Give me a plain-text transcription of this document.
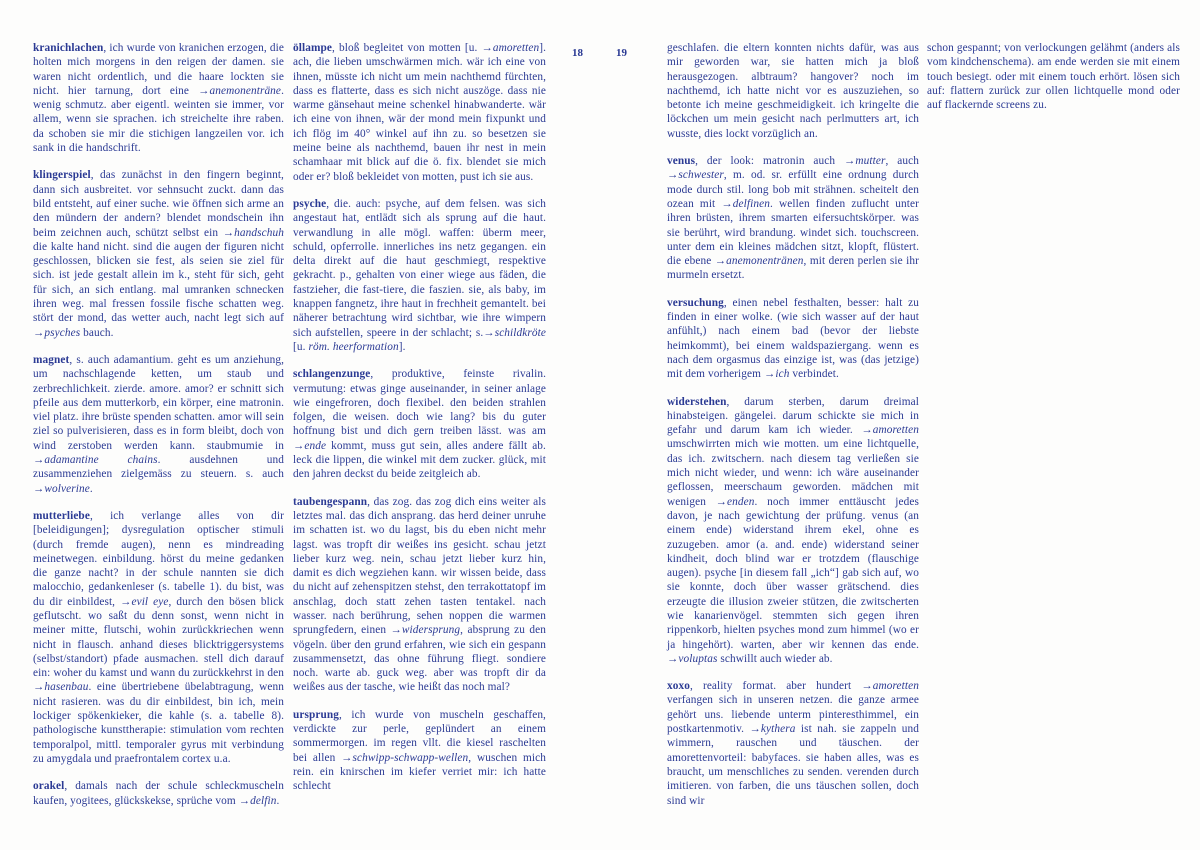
18	19

kranichlachen, ich wurde von kranichen erzogen, die holten mich morgens in den reigen der damen. sie waren nicht ordentlich, und die haare lockten sie nicht. hier tarnung, dort eine →anemonenträne. wenig schmutz. aber eigentl. weinten sie immer, vor allem, wenn sie sprachen. ich streichelte ihre raben. da schoben sie mir die stichigen langzeilen vor. ich sank in die handschrift.

klingerspiel, das zunächst in den fingern beginnt, dann sich ausbreitet. vor sehnsucht zuckt. dann das bild entsteht, auf einer suche. wie öffnen sich arme an den mündern der andern? blendet mondschein ihn beim zeichnen auch, schützt selbst ein →handschuh die kalte hand nicht. sind die augen der figuren nicht geschlossen, blicken sie fest, als seien sie ziel für sich. ist jede gestalt allein im k., steht für sich, geht für sich, an sich entlang. mal umranken schnecken ihren weg. mal fressen fossile fische schatten weg. stört der mond, das wetter auch, nacht legt sich auf →psyches bauch.

magnet, s. auch adamantium. geht es um anziehung, um nachschlagende ketten, um staub und zerbrechlichkeit. zierde. amore. amor? er schnitt sich pfeile aus dem mutterkorb, ein körper, eine matronin. viel platz. ihre brüste spenden schatten. amor will sein ziel so pulverisieren, dass es in form bleibt, doch von wind zerstoben werden kann. staubmumie in →adamantine chains. ausdehnen und zusammenziehen zielgemäss zu steuern. s. auch →wolverine.

mutterliebe, ich verlange alles von dir [beleidigungen]; dysregulation optischer stimuli (durch fremde augen), nenn es mindreading meinetwegen. einbildung. hörst du meine gedanken die ganze nacht? in der schule nannten sie dich malocchio, gedankenleser (s. tabelle 1). du bist, was du dir einbildest, →evil eye, durch den bösen blick geflutscht. wo saßt du denn sonst, wenn nicht in meiner mitte, flutschi, wohin zurückkriechen wenn nicht in flausch. anhand dieses blicktriggersystems (selbst/standort) pfade ausmachen. stell dich darauf ein: woher du kamst und wann du zurückkehrst in den →hasenbau. eine übertriebene übelabtragung, wenn nicht rasieren. was du dir einbildest, bin ich, mein lockiger spökenkieker, die kahle (s. a. tabelle 8). pathologische kunsttherapie: stimulation vom rechten temporalpol, mittl. temporaler gyrus mit verbindung zu amygdala und praefrontalem cortex u.a.

orakel, damals nach der schule schleckmuscheln kaufen, yogitees, glückskekse, sprüche vom →delfin.

öllampe, bloß begleitet von motten [u. →amoretten]. ach, die lieben umschwärmen mich. wär ich eine von ihnen, müsste ich nicht um mein nachthemd fürchten, dass es flatterte, dass es sich nicht auszöge. dass nie warme gänsehaut meine schenkel hinabwanderte. wär ich eine von ihnen, wär der mond mein fixpunkt und ich flög im 40° winkel auf ihn zu. so besetzen sie meine beine als nachthemd, bauen ihr nest in mein schamhaar mit blick auf die ö. fix. blendet sie mich oder er? bloß bekleidet von motten, pust ich sie aus.

psyche, die. auch: psyche, auf dem felsen. was sich angestaut hat, entlädt sich als sprung auf die haut. verwandlung in alle mögl. waffen: überm meer, schuld, opferrolle. innerliches ins netz gegangen. ein delta direkt auf die haut geschmiegt, respektive gekracht. p., gehalten von einer wiege aus fäden, die fastzieher, die fast-tiere, die faszien. sie, als baby, im knappen fangnetz, ihre haut in frechheit gemantelt. bei näherer betrachtung wird sichtbar, wie ihre wimpern sich aufstellen, speere in der schlacht; s.→schildkröte [u. röm. heerformation].

schlangenzunge, produktive, feinste rivalin. vermutung: etwas ginge auseinander, in seiner anlage wie eingefroren, doch flexibel. den beiden strahlen folgen, die weisen. doch wie lang? bis du guter hoffnung bist und dich gern treiben lässt. was am →ende kommt, muss gut sein, alles andere fällt ab. leck die lippen, die winkel mit dem zucker. glück, mit den jahren deckst du beide zeitgleich ab.

taubengespann, das zog. das zog dich eins weiter als letztes mal. das dich ansprang. das herd deiner unruhe im schatten ist. wo du lagst, bis du eben nicht mehr lagst. was tropft dir weißes ins gesicht. schau jetzt lieber kurz weg. nein, schau jetzt lieber kurz hin, damit es dich wegziehen kann. wir wissen beide, dass du nicht auf zehenspitzen stehst, den terrakottatopf im anschlag, doch statt zehen tasten tentakel. nach wasser. nach berührung, sehen noppen die warmen sprungfedern, einen →widersprung, absprung zu den vögeln. über den grund erfahren, wie sich ein gespann zusammensetzt, das ohne führung fliegt. sondiere noch. warte ab. guck weg. aber was tropft dir da weißes aus der tasche, wie heißt das noch mal?

ursprung, ich wurde von muscheln geschaffen, verdickte zur perle, geplündert an einem sommermorgen. im regen vllt. die kiesel raschelten bei allen →schwipp-schwapp-wellen, wuschen mich rein. ein knirschen im kiefer verriet mir: ich hatte schlecht

geschlafen. die eltern konnten nichts dafür, was aus mir geworden war, sie hatten mich ja bloß herausgezogen. albtraum? hangover? noch im nachthemd, ich hatte nicht vor es auszuziehen, so betonte ich meine geschmeidigkeit. ich kringelte die löckchen um mein gesicht nach perlmutters art, ich wusste, dies lockt vorzüglich an.

venus, der look: matronin auch →mutter, auch →schwester, m. od. sr. erfüllt eine ordnung durch mode durch stil. long bob mit strähnen. scheitelt den ozean mit →delfinen. wellen finden zuflucht unter ihren brüsten, ihrem smarten eifersuchtskörper. was sie berührt, wird brandung. windet sich. touchscreen. unter dem ein kleines mädchen sitzt, klopft, flüstert. die ebene →anemonentränen, mit deren perlen sie ihr murmeln ersetzt.

versuchung, einen nebel festhalten, besser: halt zu finden in einer wolke. (wie sich wasser auf der haut anfühlt,) nach einem bad (bevor der liebste heimkommt), bei einem waldspaziergang. wenn es nach dem orgasmus das einzige ist, was (das jetzige) mit dem vorherigem →ich verbindet.

widerstehen, darum sterben, darum dreimal hinabsteigen. gängelei. darum schickte sie mich in gefahr und darum kam ich wieder. →amoretten umschwirrten mich wie motten. um eine lichtquelle, das ich. zwitschern. nach diesem tag verließen sie mich nicht wieder, und wenn: ich wäre auseinander geflossen, meerschaum geworden. mädchen mit wenigen →enden. noch immer enttäuscht jedes davon, je nach gewichtung der prüfung. venus (an einem ende) widerstand ihrem ekel, ohne es zuzugeben. amor (a. and. ende) widerstand seiner kindheit, doch blind war er trotzdem (flauschige augen). psyche [in diesem fall „ich“] gab sich auf, wo sie konnte, doch über wasser grätschend. dies erzeugte die illusion zweier stützen, die zwitscherten wie kanarienvögel. stemmten sich gegen ihren rippenkorb, hielten psyches mond zum himmel (wo er ja hingehört). warten, aber wir kennen das ende. →voluptas schwillt auch wieder ab.

xoxo, reality format. aber hundert →amoretten verfangen sich in unseren netzen. die ganze armee gehört uns. liebende unterm pinteresthimmel, ein postkartenmotiv. →kythera ist nah. sie zappeln und wimmern, rauschen und täuschen. der amorettenvorteil: babyfaces. sie haben alles, was es braucht, um menschliches zu senden. verenden durch imitieren. von farben, die uns täuschen sollen, doch sind wir

schon gespannt; von verlockungen gelähmt (anders als vom kindchenschema). am ende werden sie mit einem touch besiegt. oder mit einem touch erhört. lösen sich auf: flattern zurück zur ollen lichtquelle mond oder auf flackernde screens zu.
